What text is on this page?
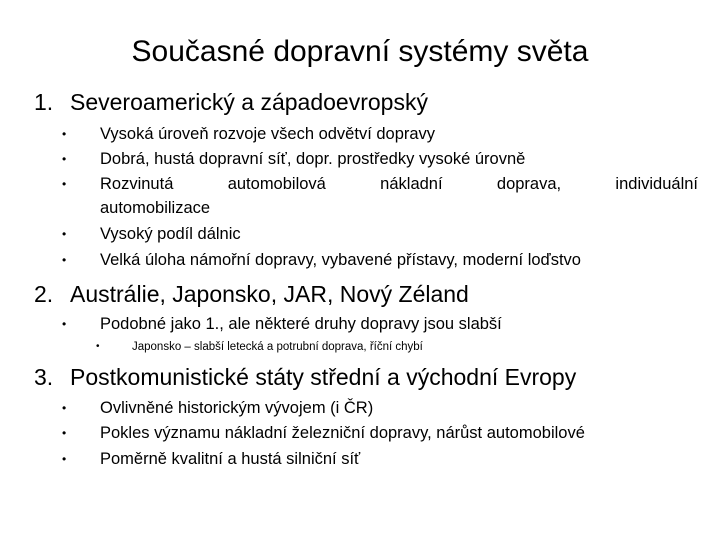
Současné dopravní systémy světa
1. Severoamerický a západoevropský
• Vysoká úroveň rozvoje všech odvětví dopravy
• Dobrá, hustá dopravní síť, dopr. prostředky vysoké úrovně
• Rozvinutá automobilová nákladní doprava, individuální
automobilizace
• Vysoký podíl dálnic
• Velká úloha námořní dopravy, vybavené přístavy, moderní loďstvo
2. Austrálie, Japonsko, JAR, Nový Zéland
• Podobné jako 1., ale některé druhy dopravy jsou slabší
•	Japonsko – slabší letecká a potrubní doprava, říční chybí
3. Postkomunistické státy střední a východní Evropy
• Ovlivněné historickým vývojem (i ČR)
• Pokles významu nákladní železniční dopravy, nárůst automobilové
• Poměrně kvalitní a hustá silniční síť
